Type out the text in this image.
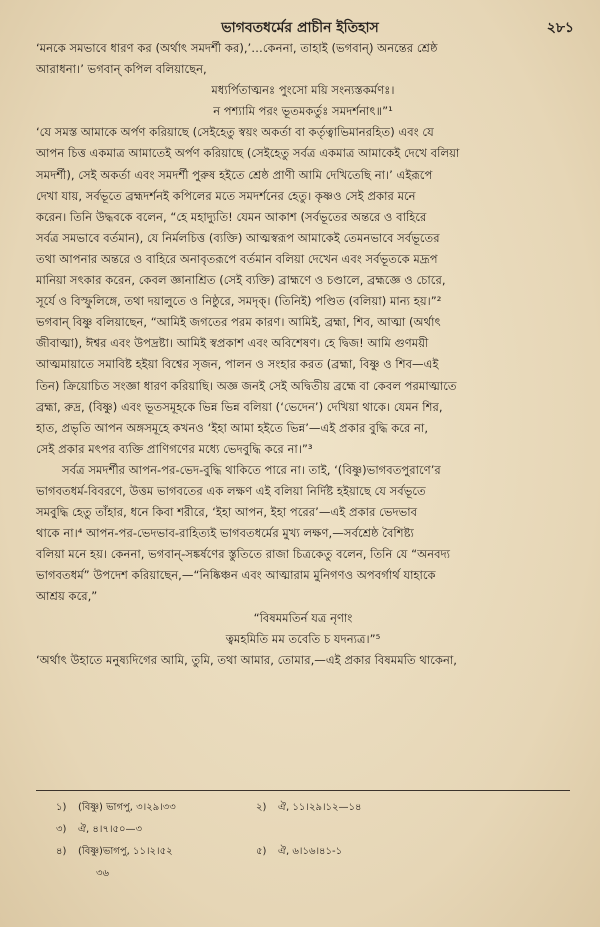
ভাগবতধর্মের প্রাচীন ইতিহাস	২৮১

‘মনকে সমভাবে ধারণ কর (অর্থাৎ সমদর্শী কর),’…কেননা, তাহাই (ভগবান্) অনন্তের শ্রেষ্ঠ

আরাধনা।’ ভগবান্ কপিল বলিয়াছেন,

মধ্যর্পিতাত্মনঃ পুংসো ময়ি সংন্যস্তকর্মণঃ।

ন পশ্যামি পরং ভূতমকর্তুঃ সমদর্শনাৎ॥”¹

‘যে সমস্ত আমাকে অর্পণ করিয়াছে (সেইহেতু স্বয়ং অকর্তা বা কর্তৃত্বাভিমানরহিত) এবং যে

আপন চিত্ত একমাত্র আমাতেই অর্পণ করিয়াছে (সেইহেতু সর্বত্র একমাত্র আমাকেই দেখে বলিয়া

সমদর্শী), সেই অকর্তা এবং সমদর্শী পুরুষ হইতে শ্রেষ্ঠ প্রাণী আমি দেখিতেছি না।’ এইরূপে

দেখা যায়, সর্বভূতে ব্রহ্মদর্শনই কপিলের মতে সমদর্শনের হেতু। কৃষ্ণও সেই প্রকার মনে

করেন। তিনি উদ্ধবকে বলেন, “হে মহাদ্যুতি! যেমন আকাশ (সর্বভূতের অন্তরে ও বাহিরে

সর্বত্র সমভাবে বর্তমান), যে নির্মলচিত্ত (ব্যক্তি) আত্মস্বরূপ আমাকেই তেমনভাবে সর্বভূতের

তথা আপনার অন্তরে ও বাহিরে অনাবৃতরূপে বর্তমান বলিয়া দেখেন এবং সর্বভূতকে মদ্রূপ

মানিয়া সৎকার করেন, কেবল জ্ঞানাশ্রিত (সেই ব্যক্তি) ব্রাহ্মণে ও চণ্ডালে, ব্রহ্মজ্ঞে ও চোরে,

সূর্যে ও বিস্ফুলিঙ্গে, তথা দয়ালুতে ও নিষ্ঠুরে, সমদৃক্। (তিনিই) পণ্ডিত (বলিয়া) মান্য হয়।”²

ভগবান্ বিষ্ণু বলিয়াছেন, “আমিই জগতের পরম কারণ। আমিই, ব্রহ্মা, শিব, আত্মা (অর্থাৎ

জীবাত্মা), ঈশ্বর এবং উপদ্রষ্টা। আমিই স্বপ্রকাশ এবং অবিশেষণ। হে দ্বিজ! আমি গুণময়ী

আত্মমায়াতে সমাবিষ্ট হইয়া বিশ্বের সৃজন, পালন ও সংহার করত (ব্রহ্মা, বিষ্ণু ও শিব—এই

তিন) ক্রিয়োচিত সংজ্ঞা ধারণ করিয়াছি। অজ্ঞ জনই সেই অদ্বিতীয় ব্রহ্মে বা কেবল পরমাত্মাতে

ব্রহ্মা, রুদ্র, (বিষ্ণু) এবং ভূতসমূহকে ভিন্ন ভিন্ন বলিয়া (‘ভেদেন’) দেখিয়া থাকে। যেমন শির,

হাত, প্রভৃতি আপন অঙ্গসমূহে কখনও ‘ইহা আমা হইতে ভিন্ন’—এই প্রকার বুদ্ধি করে না,

সেই প্রকার মৎপর ব্যক্তি প্রাণিগণের মধ্যে ভেদবুদ্ধি করে না।”³

সর্বত্র সমদর্শীর আপন-পর-ভেদ-বুদ্ধি থাকিতে পারে না। তাই, ‘(বিষ্ণু)ভাগবতপুরাণে’র

ভাগবতধর্ম-বিবরণে, উত্তম ভাগবতের এক লক্ষণ এই বলিয়া নির্দিষ্ট হইয়াছে যে সর্বভূতে

সমবুদ্ধি হেতু তাঁহার, ধনে কিবা শরীরে, ‘ইহা আপন, ইহা পরের’—এই প্রকার ভেদভাব

থাকে না।⁴ আপন-পর-ভেদভাব-রাহিত্যই ভাগবতধর্মের মুখ্য লক্ষণ,—সর্বশ্রেষ্ঠ বৈশিষ্ট্য

বলিয়া মনে হয়। কেননা, ভগবান্-সঙ্কর্ষণের স্তুতিতে রাজা চিত্রকেতু বলেন, তিনি যে “অনবদ্য

ভাগবতধর্ম” উপদেশ করিয়াছেন,—“নিষ্কিঞ্চন এবং আত্মারাম মুনিগণও অপবর্গার্থ যাহাকে

আশ্রয় করে,”

“বিষমমতির্ন যত্র নৃণাং

ত্বমহমিতি মম তবেতি চ যদন্যত্র।”⁵

‘অর্থাৎ উহাতে মনুষ্যদিগের আমি, তুমি, তথা আমার, তোমার,—এই প্রকার বিষমমতি থাকেনা,

১)	(বিষ্ণু) ভাগপু, ৩।২৯।৩৩	২)	ঐ, ১১।২৯।১২—১৪
৩)	ঐ, ৪।৭।৫০—৩
৪)	(বিষ্ণু)ভাগপু, ১১।২।৫২	৫)	ঐ, ৬।১৬।৪১-১
৩৬
